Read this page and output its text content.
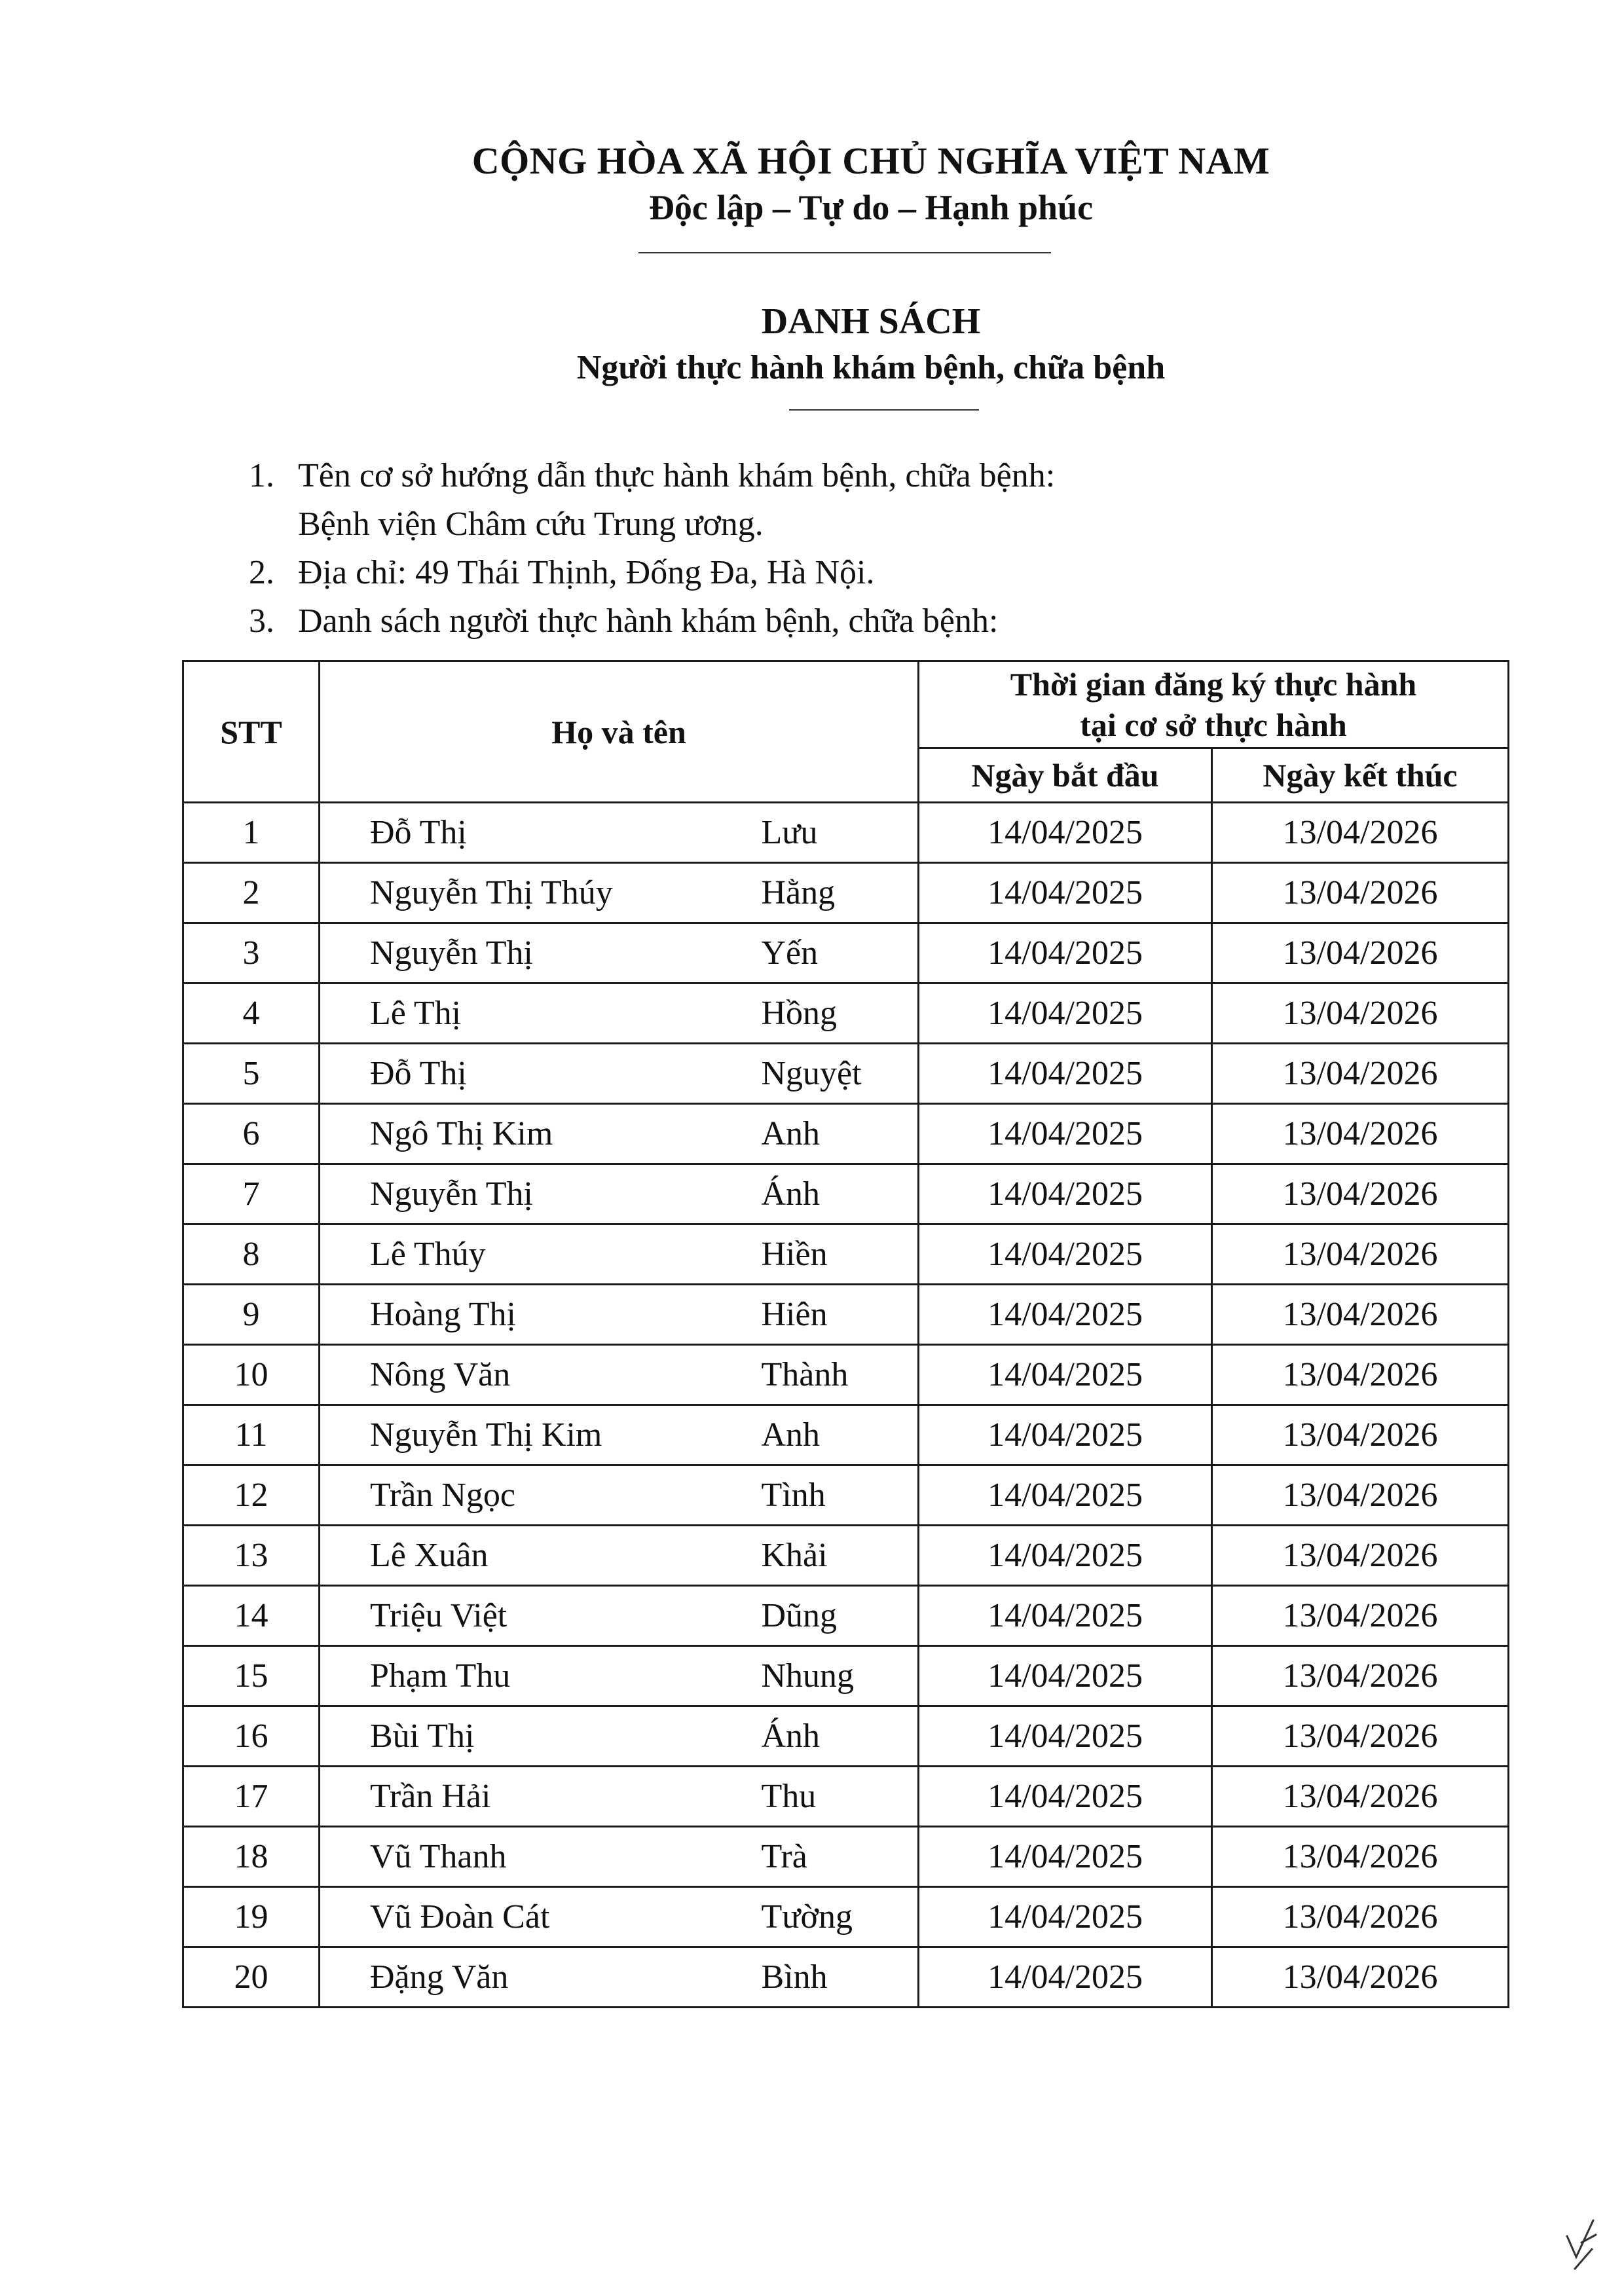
CỘNG HÒA XÃ HỘI CHỦ NGHĨA VIỆT NAM
Độc lập – Tự do – Hạnh phúc
DANH SÁCH
Người thực hành khám bệnh, chữa bệnh
1. Tên cơ sở hướng dẫn thực hành khám bệnh, chữa bệnh:
Bệnh viện Châm cứu Trung ương.
2. Địa chỉ: 49 Thái Thịnh, Đống Đa, Hà Nội.
3. Danh sách người thực hành khám bệnh, chữa bệnh:
STT	Họ và tên		Thời gian đăng ký thực hành
tại cơ sở thực hành	
			Ngày bắt đầu	Ngày kết thúc
1	Đỗ Thị	Lưu	14/04/2025	13/04/2026
2	Nguyễn Thị Thúy	Hằng	14/04/2025	13/04/2026
3	Nguyễn Thị	Yến	14/04/2025	13/04/2026
4	Lê Thị	Hồng	14/04/2025	13/04/2026
5	Đỗ Thị	Nguyệt	14/04/2025	13/04/2026
6	Ngô Thị Kim	Anh	14/04/2025	13/04/2026
7	Nguyễn Thị	Ánh	14/04/2025	13/04/2026
8	Lê Thúy	Hiền	14/04/2025	13/04/2026
9	Hoàng Thị	Hiên	14/04/2025	13/04/2026
10	Nông Văn	Thành	14/04/2025	13/04/2026
11	Nguyễn Thị Kim	Anh	14/04/2025	13/04/2026
12	Trần Ngọc	Tình	14/04/2025	13/04/2026
13	Lê Xuân	Khải	14/04/2025	13/04/2026
14	Triệu Việt	Dũng	14/04/2025	13/04/2026
15	Phạm Thu	Nhung	14/04/2025	13/04/2026
16	Bùi Thị	Ánh	14/04/2025	13/04/2026
17	Trần Hải	Thu	14/04/2025	13/04/2026
18	Vũ Thanh	Trà	14/04/2025	13/04/2026
19	Vũ Đoàn Cát	Tường	14/04/2025	13/04/2026
20	Đặng Văn	Bình	14/04/2025	13/04/2026
